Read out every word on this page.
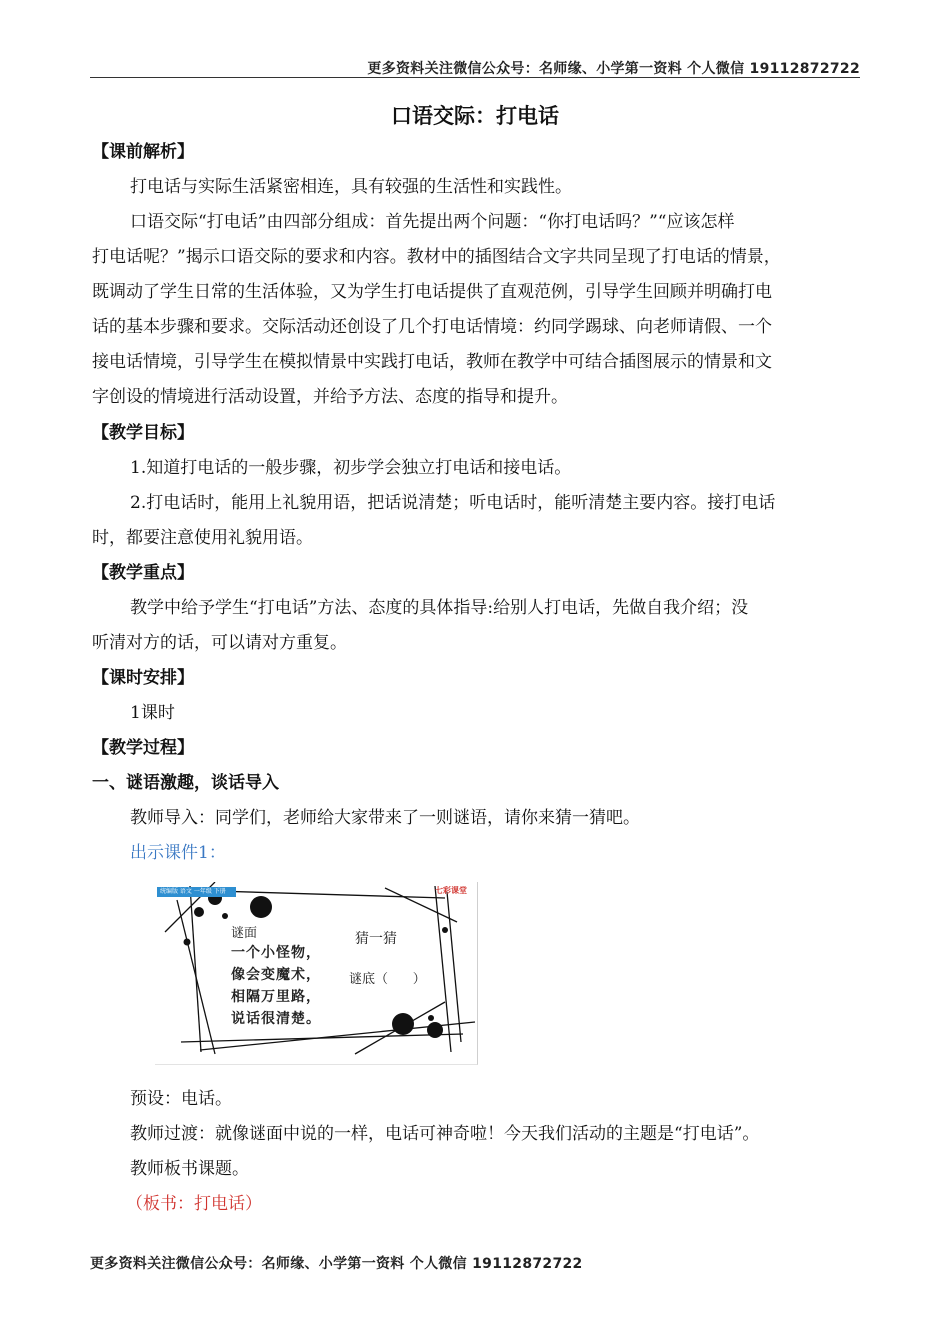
更多资料关注微信公众号：名师缘、小学第一资料 个人微信 19112872722
口语交际：打电话
【课前解析】
打电话与实际生活紧密相连，具有较强的生活性和实践性。
口语交际“打电话”由四部分组成：首先提出两个问题：“你打电话吗？”“应该怎样
打电话呢？”揭示口语交际的要求和内容。教材中的插图结合文字共同呈现了打电话的情景，
既调动了学生日常的生活体验，又为学生打电话提供了直观范例，引导学生回顾并明确打电
话的基本步骤和要求。交际活动还创设了几个打电话情境：约同学踢球、向老师请假、一个
接电话情境，引导学生在模拟情景中实践打电话，教师在教学中可结合插图展示的情景和文
字创设的情境进行活动设置，并给予方法、态度的指导和提升。
【教学目标】
1.知道打电话的一般步骤，初步学会独立打电话和接电话。
2.打电话时，能用上礼貌用语，把话说清楚；听电话时，能听清楚主要内容。接打电话
时，都要注意使用礼貌用语。
【教学重点】
教学中给予学生“打电话”方法、态度的具体指导:给别人打电话，先做自我介绍；没
听清对方的话，可以请对方重复。
【课时安排】
1课时
【教学过程】
一、谜语激趣，谈话导入
教师导入：同学们，老师给大家带来了一则谜语，请你来猜一猜吧。
出示课件1：
统编版 语文 一年级 下册	七彩课堂
谜面
一个小怪物，
像会变魔术，
相隔万里路，
说话很清楚。
猜一猜
谜底（      ）
预设：电话。
教师过渡：就像谜面中说的一样，电话可神奇啦！今天我们活动的主题是“打电话”。
教师板书课题。
（板书：打电话）
更多资料关注微信公众号：名师缘、小学第一资料 个人微信 19112872722
